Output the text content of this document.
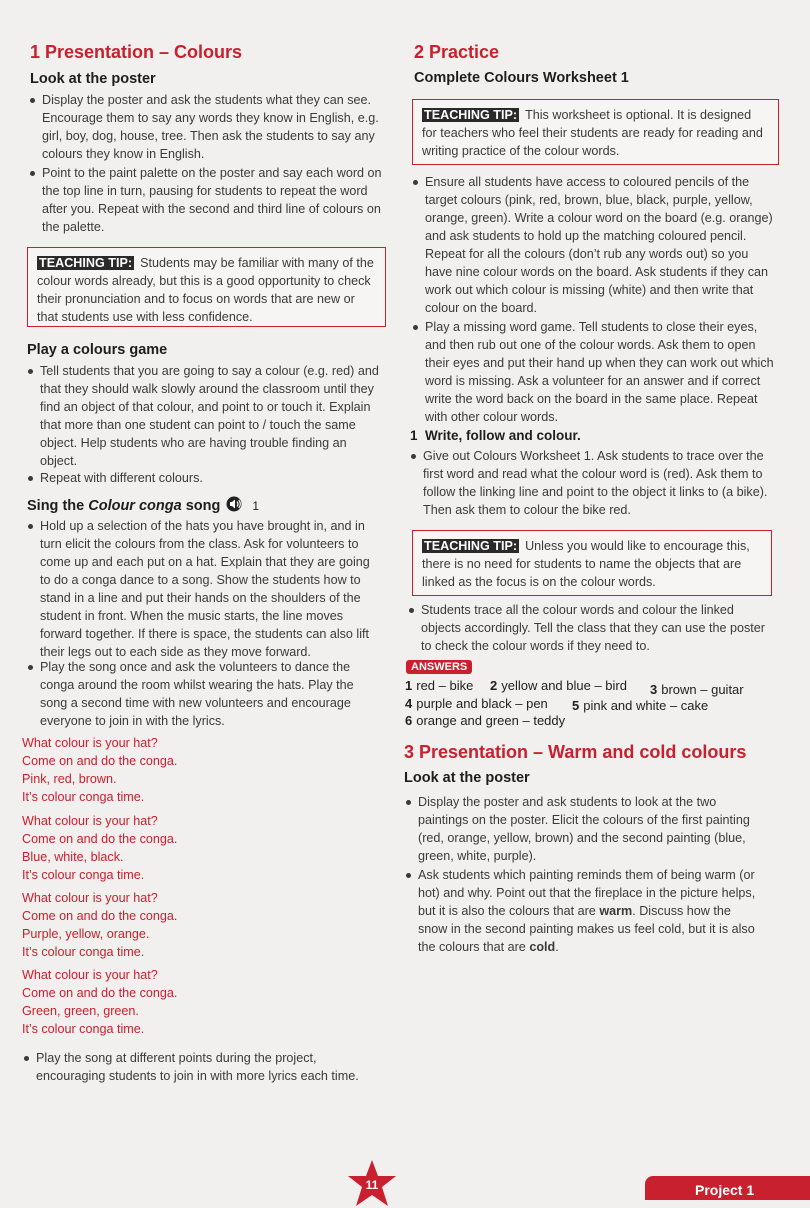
1 Presentation – Colours
Look at the poster
Display the poster and ask the students what they can see. Encourage them to say any words they know in English, e.g. girl, boy, dog, house, tree. Then ask the students to say any colours they know in English.
Point to the paint palette on the poster and say each word on the top line in turn, pausing for students to repeat the word after you. Repeat with the second and third line of colours on the palette.
TEACHING TIP: Students may be familiar with many of the colour words already, but this is a good opportunity to check their pronunciation and to focus on words that are new or that students use with less confidence.
Play a colours game
Tell students that you are going to say a colour (e.g. red) and that they should walk slowly around the classroom until they find an object of that colour, and point to or touch it. Explain that more than one student can point to / touch the same object. Help students who are having trouble finding an object.
Repeat with different colours.
Sing the Colour conga song	1
Hold up a selection of the hats you have brought in, and in turn elicit the colours from the class. Ask for volunteers to come up and each put on a hat. Explain that they are going to do a conga dance to a song. Show the students how to stand in a line and put their hands on the shoulders of the student in front. When the music starts, the line moves forward together. If there is space, the students can also lift their legs out to each side as they move forward.
Play the song once and ask the volunteers to dance the conga around the room whilst wearing the hats. Play the song a second time with new volunteers and encourage everyone to join in with the lyrics.
What colour is your hat?
Come on and do the conga.
Pink, red, brown.
It’s colour conga time.
What colour is your hat?
Come on and do the conga.
Blue, white, black.
It’s colour conga time.
What colour is your hat?
Come on and do the conga.
Purple, yellow, orange.
It’s colour conga time.
What colour is your hat?
Come on and do the conga.
Green, green, green.
It’s colour conga time.
Play the song at different points during the project, encouraging students to join in with more lyrics each time.
2 Practice
Complete Colours Worksheet 1
TEACHING TIP: This worksheet is optional. It is designed for teachers who feel their students are ready for reading and writing practice of the colour words.
Ensure all students have access to coloured pencils of the target colours (pink, red, brown, blue, black, purple, yellow, orange, green). Write a colour word on the board (e.g. orange) and ask students to hold up the matching coloured pencil. Repeat for all the colours (don’t rub any words out) so you have nine colour words on the board. Ask students if they can work out which colour is missing (white) and then write that colour on the board.
Play a missing word game. Tell students to close their eyes, and then rub out one of the colour words. Ask them to open their eyes and put their hand up when they can work out which word is missing. Ask a volunteer for an answer and if correct write the word back on the board in the same place. Repeat with other colour words.
1 Write, follow and colour.
Give out Colours Worksheet 1. Ask students to trace over the first word and read what the colour word is (red). Ask them to follow the linking line and point to the object it links to (a bike). Then ask them to colour the bike red.
TEACHING TIP: Unless you would like to encourage this, there is no need for students to name the objects that are linked as the focus is on the colour words.
Students trace all the colour words and colour the linked objects accordingly. Tell the class that they can use the poster to check the colour words if they need to.
ANSWERS
1 red – bike 2 yellow and blue – bird 3 brown – guitar
4 purple and black – pen 5 pink and white – cake
6 orange and green – teddy
3 Presentation – Warm and cold colours
Look at the poster
Display the poster and ask students to look at the two paintings on the poster. Elicit the colours of the first painting (red, orange, yellow, brown) and the second painting (blue, green, white, purple).
Ask students which painting reminds them of being warm (or hot) and why. Point out that the fireplace in the picture helps, but it is also the colours that are warm. Discuss how the snow in the second painting makes us feel cold, but it is also the colours that are cold.
11	Project 1
